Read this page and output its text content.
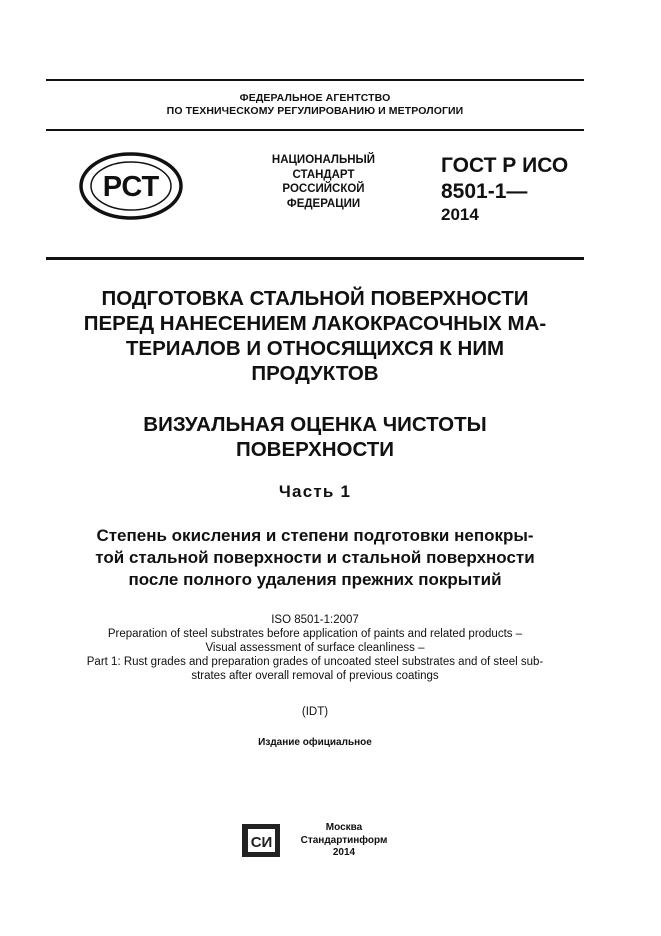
ФЕДЕРАЛЬНОЕ АГЕНТСТВО
ПО ТЕХНИЧЕСКОМУ РЕГУЛИРОВАНИЮ И МЕТРОЛОГИИ
РСТ
НАЦИОНАЛЬНЫЙ
СТАНДАРТ
РОССИЙСКОЙ
ФЕДЕРАЦИИ
ГОСТ Р ИСО
8501-1—
2014
ПОДГОТОВКА СТАЛЬНОЙ ПОВЕРХНОСТИ
ПЕРЕД НАНЕСЕНИЕМ ЛАКОКРАСОЧНЫХ МА-
ТЕРИАЛОВ И ОТНОСЯЩИХСЯ К НИМ
ПРОДУКТОВ
ВИЗУАЛЬНАЯ ОЦЕНКА ЧИСТОТЫ
ПОВЕРХНОСТИ
Часть 1
Степень окисления и степени подготовки непокры-
той стальной поверхности и стальной поверхности
после полного удаления прежних покрытий
ISO 8501-1:2007
Preparation of steel substrates before application of paints and related products –
Visual assessment of surface cleanliness –
Part 1: Rust grades and preparation grades of uncoated steel substrates and of steel sub-
strates after overall removal of previous coatings
(IDT)
Издание официальное
СИ
Москва
Стандартинформ
2014
